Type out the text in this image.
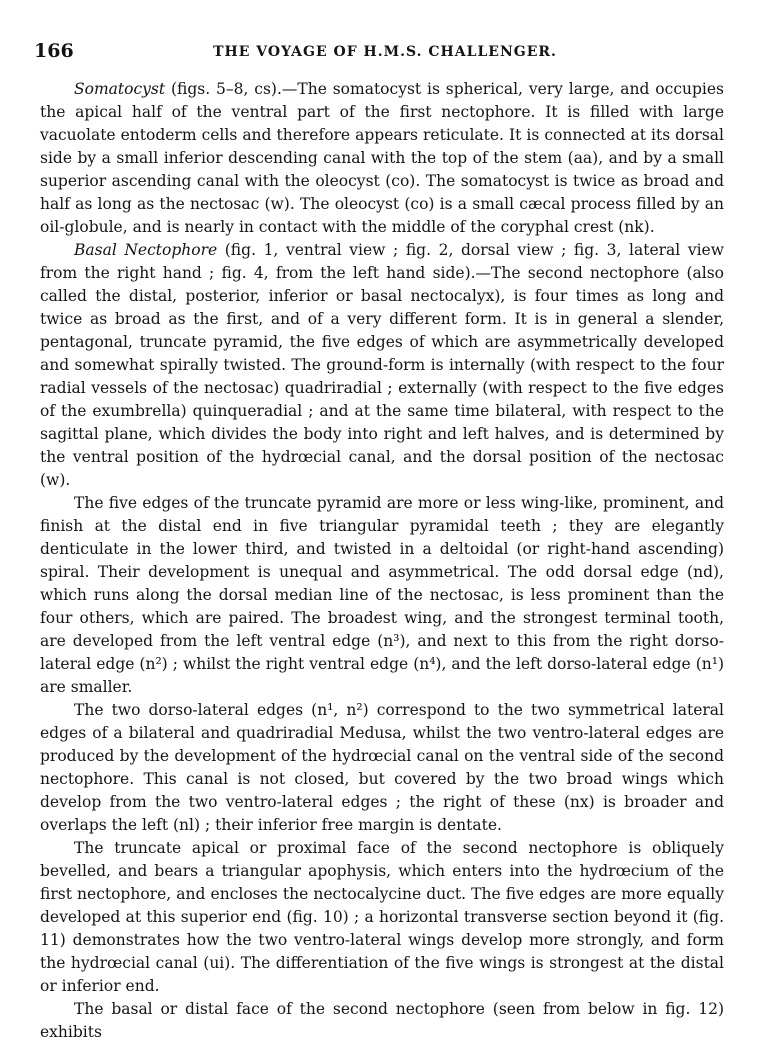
166	THE VOYAGE OF H.M.S. CHALLENGER.

Somatocyst (figs. 5–8, cs).—The somatocyst is spherical, very large, and occupies the apical half of the ventral part of the first nectophore. It is filled with large vacuolate entoderm cells and therefore appears reticulate. It is connected at its dorsal side by a small inferior descending canal with the top of the stem (aa), and by a small superior ascending canal with the oleocyst (co). The somatocyst is twice as broad and half as long as the nectosac (w). The oleocyst (co) is a small cæcal process filled by an oil-globule, and is nearly in contact with the middle of the coryphal crest (nk).

Basal Nectophore (fig. 1, ventral view ; fig. 2, dorsal view ; fig. 3, lateral view from the right hand ; fig. 4, from the left hand side).—The second nectophore (also called the distal, posterior, inferior or basal nectocalyx), is four times as long and twice as broad as the first, and of a very different form. It is in general a slender, pentagonal, truncate pyramid, the five edges of which are asymmetrically developed and somewhat spirally twisted. The ground-form is internally (with respect to the four radial vessels of the nectosac) quadriradial ; externally (with respect to the five edges of the exumbrella) quinqueradial ; and at the same time bilateral, with respect to the sagittal plane, which divides the body into right and left halves, and is determined by the ventral position of the hydrœcial canal, and the dorsal position of the nectosac (w).

The five edges of the truncate pyramid are more or less wing-like, prominent, and finish at the distal end in five triangular pyramidal teeth ; they are elegantly denticulate in the lower third, and twisted in a deltoidal (or right-hand ascending) spiral. Their development is unequal and asymmetrical. The odd dorsal edge (nd), which runs along the dorsal median line of the nectosac, is less prominent than the four others, which are paired. The broadest wing, and the strongest terminal tooth, are developed from the left ventral edge (n³), and next to this from the right dorso-lateral edge (n²) ; whilst the right ventral edge (n⁴), and the left dorso-lateral edge (n¹) are smaller.

The two dorso-lateral edges (n¹, n²) correspond to the two symmetrical lateral edges of a bilateral and quadriradial Medusa, whilst the two ventro-lateral edges are produced by the development of the hydrœcial canal on the ventral side of the second nectophore. This canal is not closed, but covered by the two broad wings which develop from the two ventro-lateral edges ; the right of these (nx) is broader and overlaps the left (nl) ; their inferior free margin is dentate.

The truncate apical or proximal face of the second nectophore is obliquely bevelled, and bears a triangular apophysis, which enters into the hydrœcium of the first nectophore, and encloses the nectocalycine duct. The five edges are more equally developed at this superior end (fig. 10) ; a horizontal transverse section beyond it (fig. 11) demonstrates how the two ventro-lateral wings develop more strongly, and form the hydrœcial canal (ui). The differentiation of the five wings is strongest at the distal or inferior end.

The basal or distal face of the second nectophore (seen from below in fig. 12) exhibits
